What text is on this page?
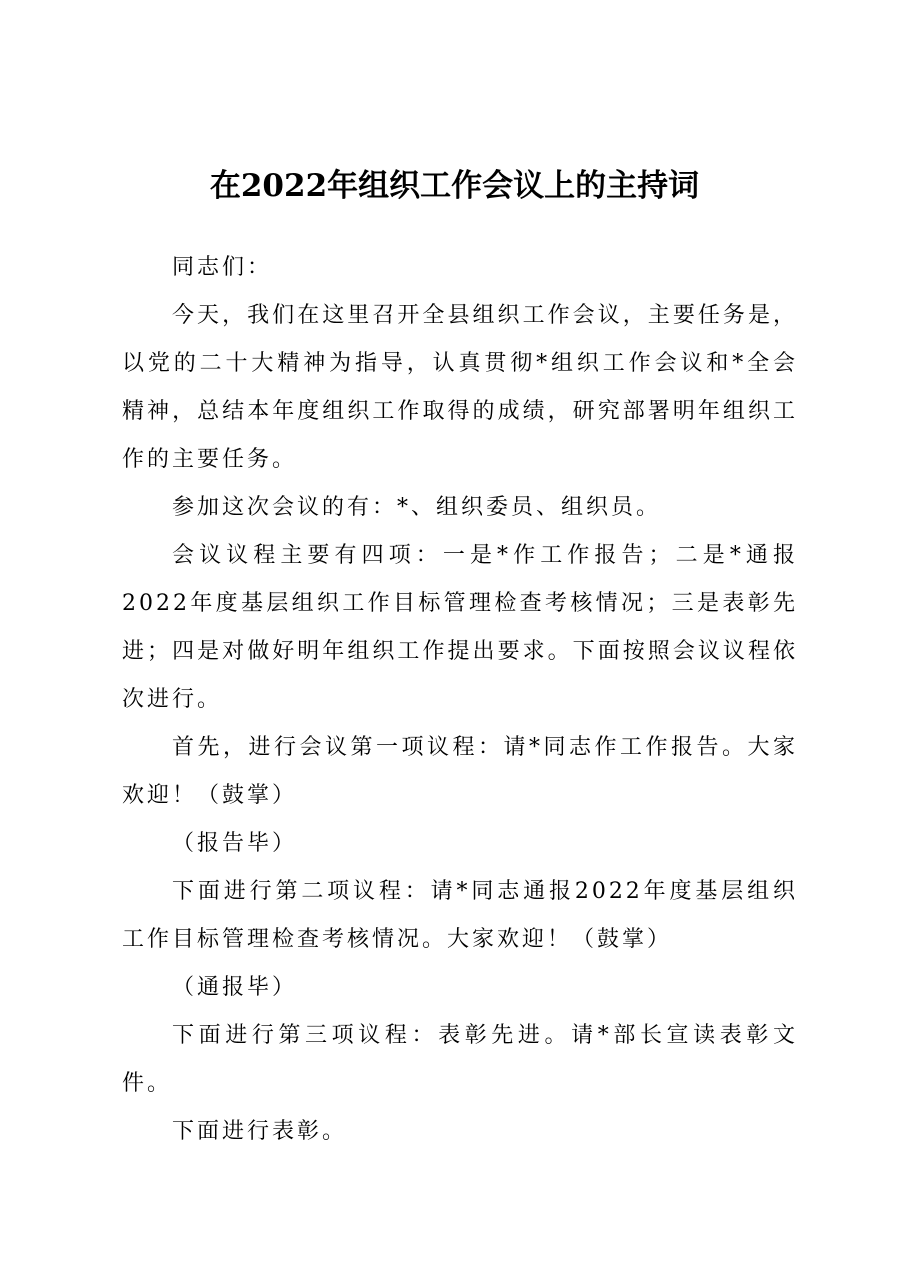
在2022年组织工作会议上的主持词

同志们：

今天，我们在这里召开全县组织工作会议，主要任务是，以党的二十大精神为指导，认真贯彻*组织工作会议和*全会精神，总结本年度组织工作取得的成绩，研究部署明年组织工作的主要任务。

参加这次会议的有：*、组织委员、组织员。

会议议程主要有四项：一是*作工作报告；二是*通报2022年度基层组织工作目标管理检查考核情况；三是表彰先进；四是对做好明年组织工作提出要求。下面按照会议议程依次进行。

首先，进行会议第一项议程：请*同志作工作报告。大家欢迎！（鼓掌）

（报告毕）

下面进行第二项议程：请*同志通报2022年度基层组织工作目标管理检查考核情况。大家欢迎！（鼓掌）

（通报毕）

下面进行第三项议程：表彰先进。请*部长宣读表彰文件。

下面进行表彰。
